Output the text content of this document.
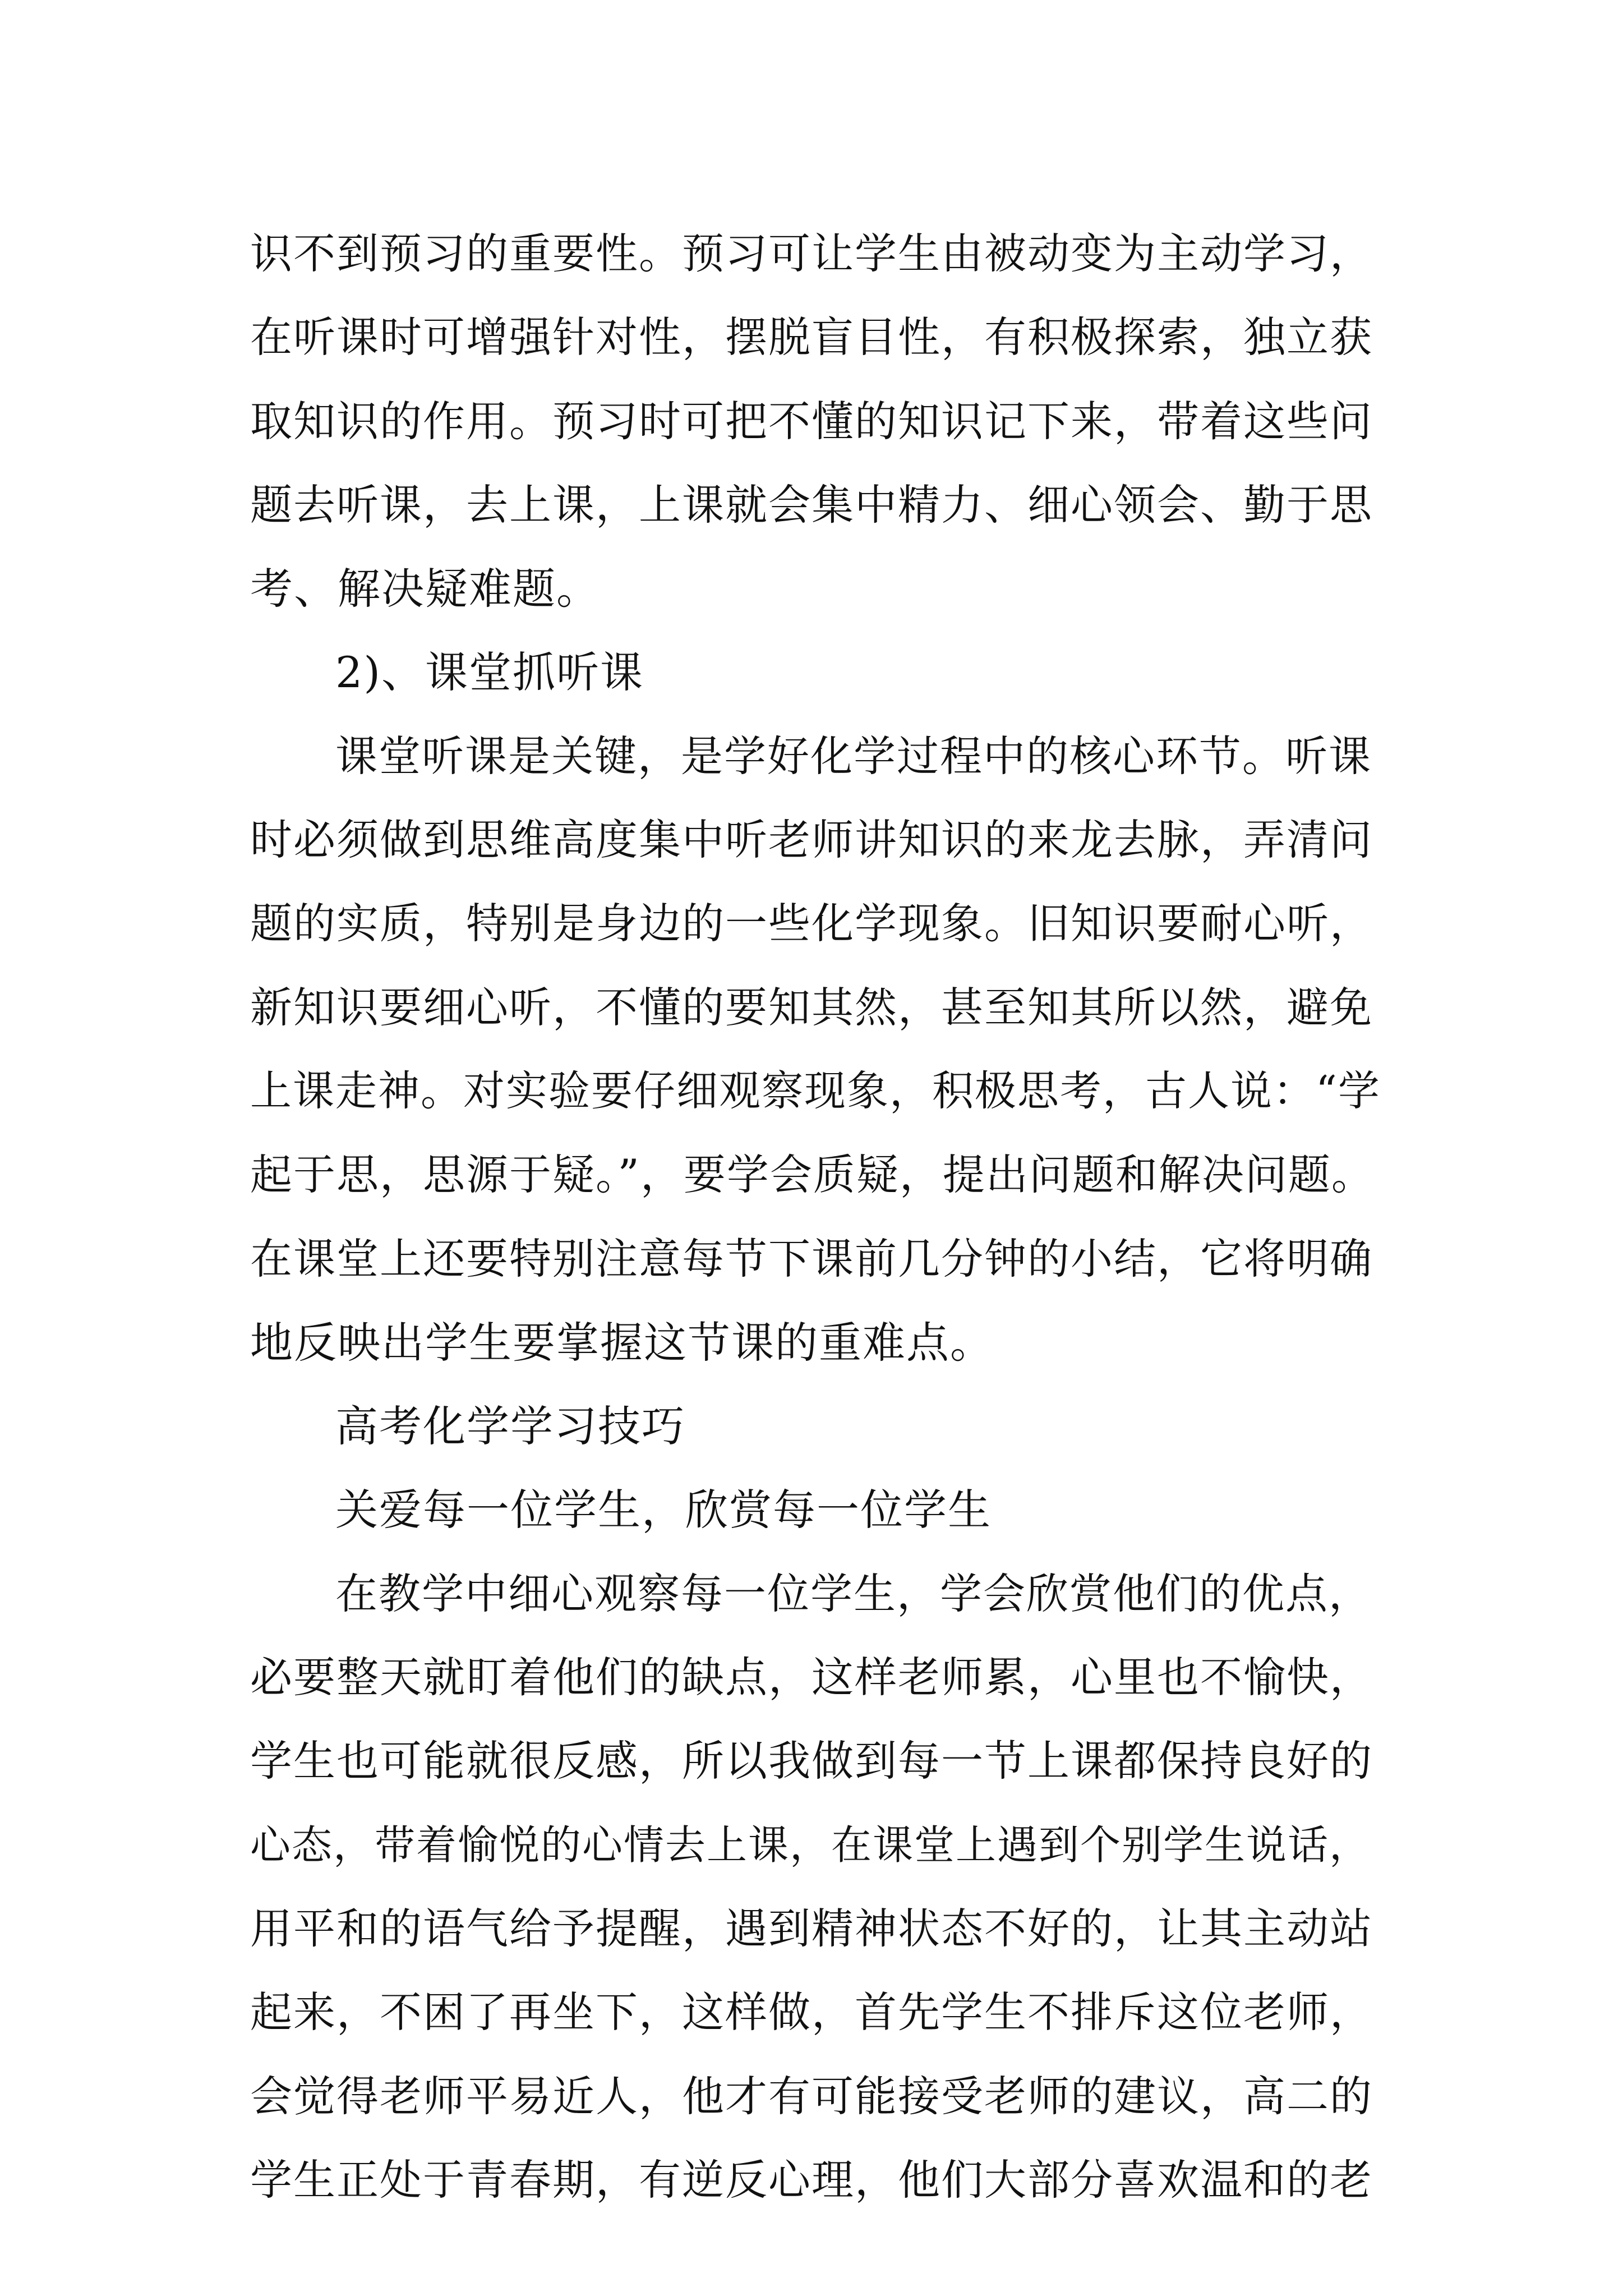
识不到预习的重要性。预习可让学生由被动变为主动学习，
在听课时可增强针对性，摆脱盲目性，有积极探索，独立获
取知识的作用。预习时可把不懂的知识记下来，带着这些问
题去听课，去上课，上课就会集中精力、细心领会、勤于思
考、解决疑难题。
2)、课堂抓听课
课堂听课是关键，是学好化学过程中的核心环节。听课
时必须做到思维高度集中听老师讲知识的来龙去脉，弄清问
题的实质，特别是身边的一些化学现象。旧知识要耐心听，
新知识要细心听，不懂的要知其然，甚至知其所以然，避免
上课走神。对实验要仔细观察现象，积极思考，古人说：“学
起于思，思源于疑。”，要学会质疑，提出问题和解决问题。
在课堂上还要特别注意每节下课前几分钟的小结，它将明确
地反映出学生要掌握这节课的重难点。
高考化学学习技巧
关爱每一位学生，欣赏每一位学生
在教学中细心观察每一位学生，学会欣赏他们的优点，
必要整天就盯着他们的缺点，这样老师累，心里也不愉快，
学生也可能就很反感，所以我做到每一节上课都保持良好的
心态，带着愉悦的心情去上课，在课堂上遇到个别学生说话，
用平和的语气给予提醒，遇到精神状态不好的，让其主动站
起来，不困了再坐下，这样做，首先学生不排斥这位老师，
会觉得老师平易近人，他才有可能接受老师的建议，高二的
学生正处于青春期，有逆反心理，他们大部分喜欢温和的老
